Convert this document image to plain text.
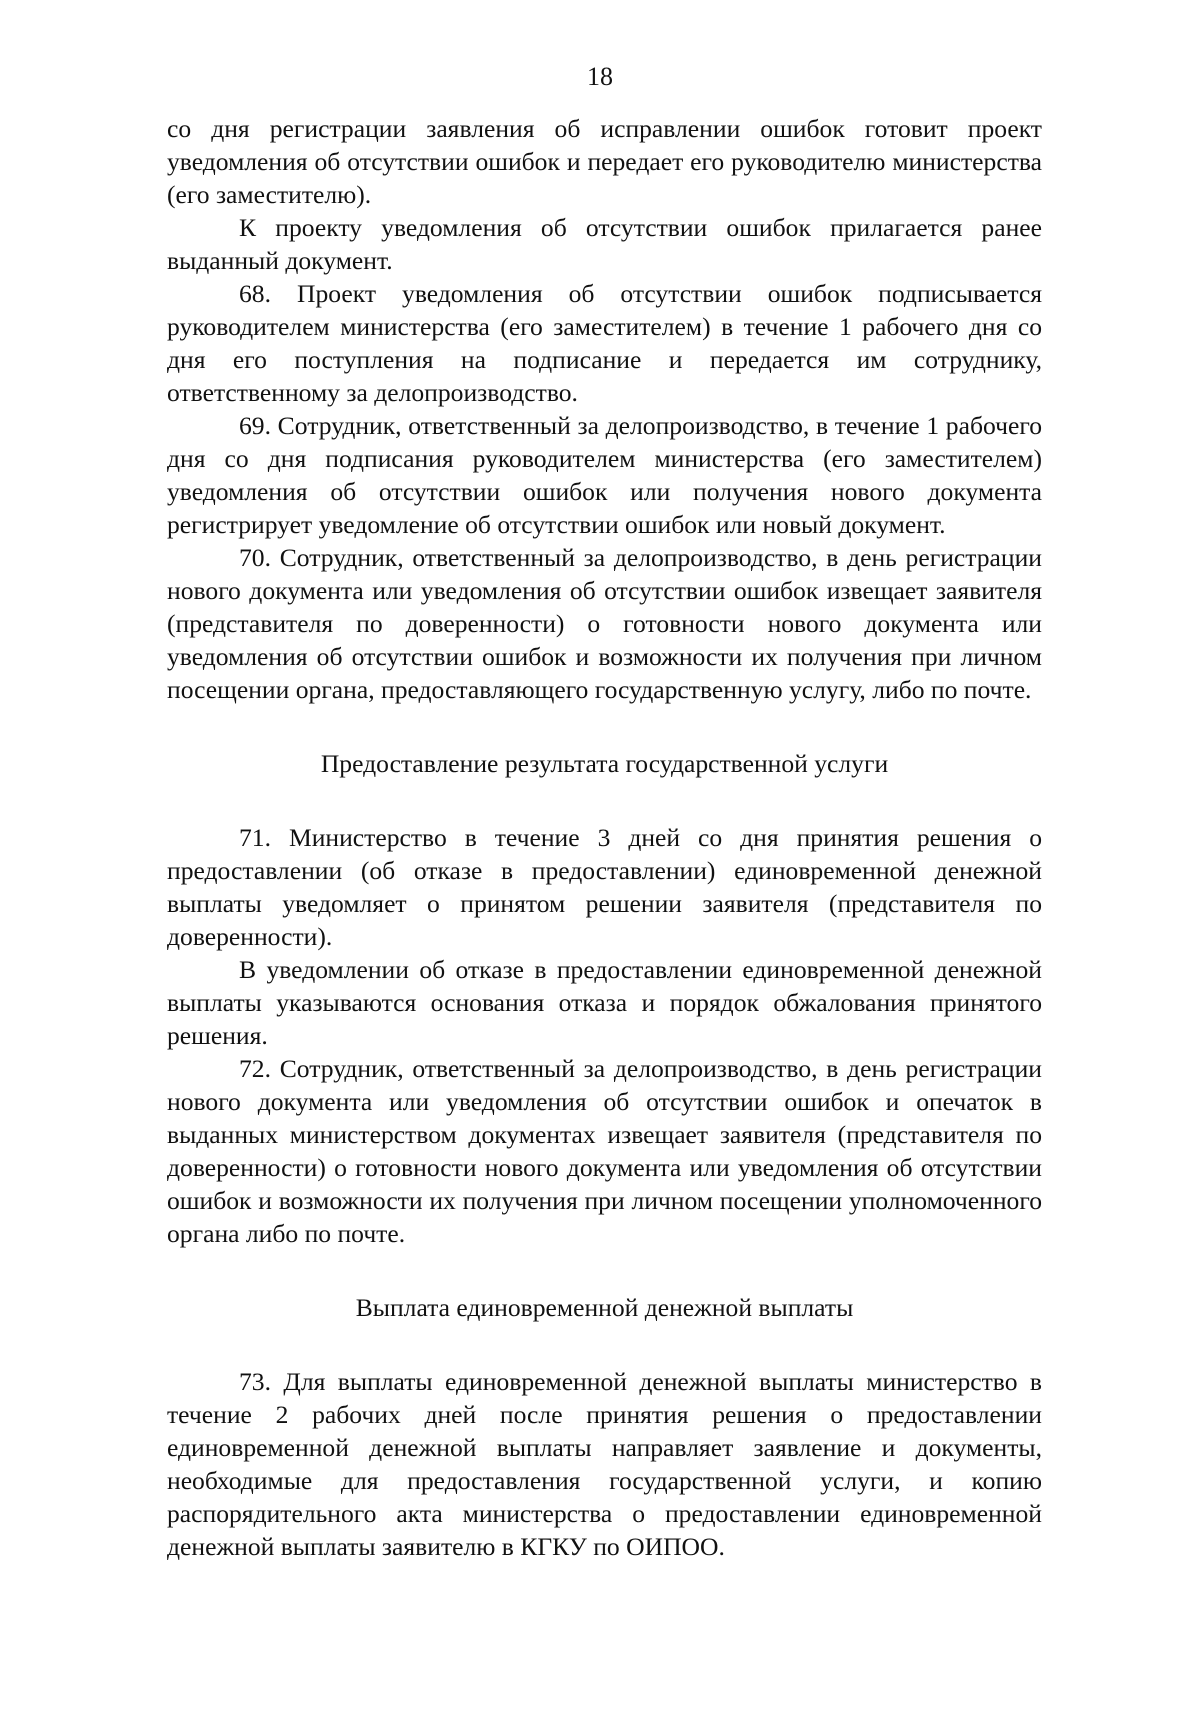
18

со дня регистрации заявления об исправлении ошибок готовит проект уведомления об отсутствии ошибок и передает его руководителю министерства (его заместителю).

К проекту уведомления об отсутствии ошибок прилагается ранее выданный документ.

68. Проект уведомления об отсутствии ошибок подписывается руководителем министерства (его заместителем) в течение 1 рабочего дня со дня его поступления на подписание и передается им сотруднику, ответственному за делопроизводство.

69. Сотрудник, ответственный за делопроизводство, в течение 1 рабочего дня со дня подписания руководителем министерства (его заместителем) уведомления об отсутствии ошибок или получения нового документа регистрирует уведомление об отсутствии ошибок или новый документ.

70. Сотрудник, ответственный за делопроизводство, в день регистрации нового документа или уведомления об отсутствии ошибок извещает заявителя (представителя по доверенности) о готовности нового документа или уведомления об отсутствии ошибок и возможности их получения при личном посещении органа, предоставляющего государственную услугу, либо по почте.

Предоставление результата государственной услуги

71. Министерство в течение 3 дней со дня принятия решения о предоставлении (об отказе в предоставлении) единовременной денежной выплаты уведомляет о принятом решении заявителя (представителя по доверенности).

В уведомлении об отказе в предоставлении единовременной денежной выплаты указываются основания отказа и порядок обжалования принятого решения.

72. Сотрудник, ответственный за делопроизводство, в день регистрации нового документа или уведомления об отсутствии ошибок и опечаток в выданных министерством документах извещает заявителя (представителя по доверенности) о готовности нового документа или уведомления об отсутствии ошибок и возможности их получения при личном посещении уполномоченного органа либо по почте.

Выплата единовременной денежной выплаты

73. Для выплаты единовременной денежной выплаты министерство в течение 2 рабочих дней после принятия решения о предоставлении единовременной денежной выплаты направляет заявление и документы, необходимые для предоставления государственной услуги, и копию распорядительного акта министерства о предоставлении единовременной денежной выплаты заявителю в КГКУ по ОИПОО.
